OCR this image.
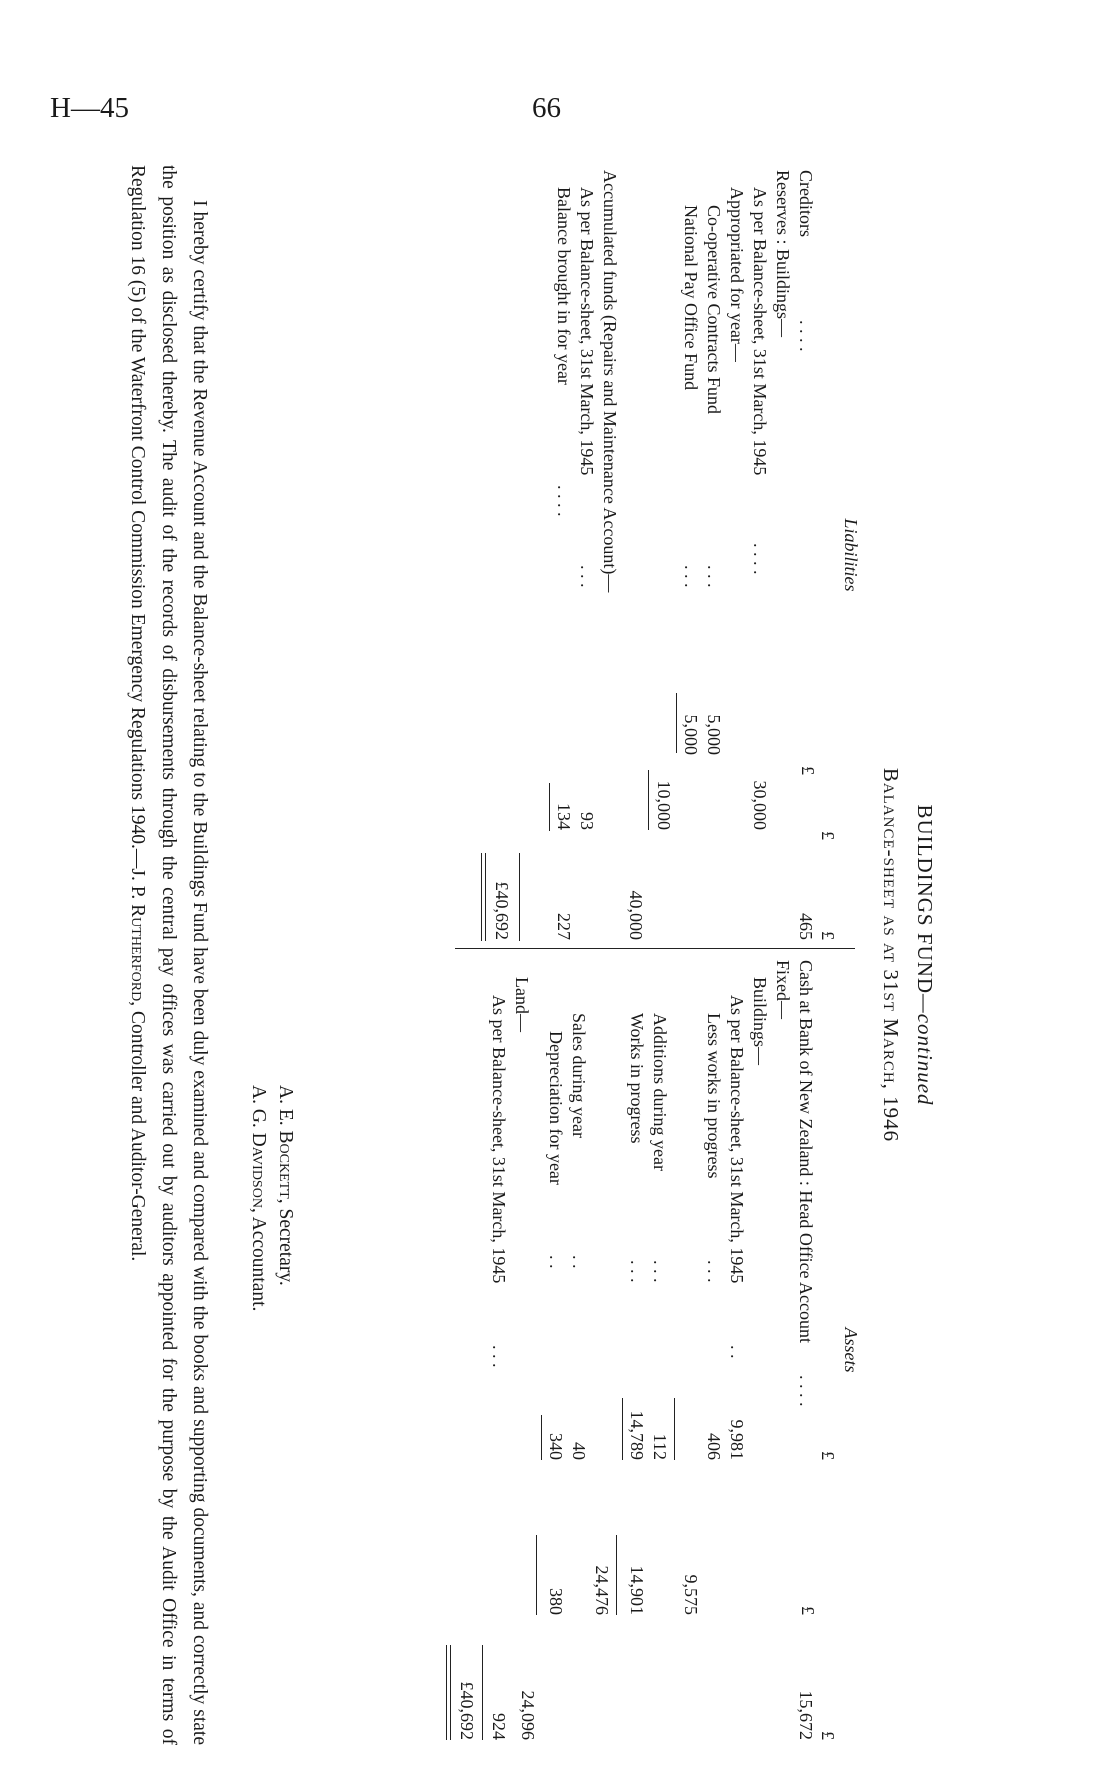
H—45	66
BUILDINGS FUND—continued
Balance-sheet as at 31st March, 1946
Liabilities
Assets
£
£
£
Creditors
. . . .
465
Reserves : Buildings—
As per Balance-sheet, 31st March, 1945
. . . .
30,000
Appropriated for year—
Co-operative Contracts Fund
. . .
5,000
National Pay Office Fund
. . .
5,000
10,000
40,000
Accumulated funds (Repairs and Maintenance Account)—
As per Balance-sheet, 31st March, 1945
. . .
93
Balance brought in for year
. . . .
134
227
£40,692
£
£
£
Cash at Bank of New Zealand : Head Office Account
. . . .
15,672
Fixed—
Buildings—
As per Balance-sheet, 31st March, 1945
. .
9,981
Less works in progress
. . .
406
9,575
Additions during year
. . .
112
Works in progress
. . .
14,789
14,901
24,476
Sales during year
. .
40
Depreciation for year
. .
340
380
24,096
Land—
As per Balance-sheet, 31st March, 1945
. . .
924
£40,692
A. E. Bockett, Secretary.
A. G. Davidson, Accountant.
I hereby certify that the Revenue Account and the Balance-sheet relating to the Buildings Fund have been duly examined and compared with the books and supporting documents, and correctly state the position as disclosed thereby. The audit of the records of disbursements through the central pay offices was carried out by auditors appointed for the purpose by the Audit Office in terms of Regulation 16 (5) of the Waterfront Control Commission Emergency Regulations 1940.—J. P. Rutherford, Controller and Auditor-General.
